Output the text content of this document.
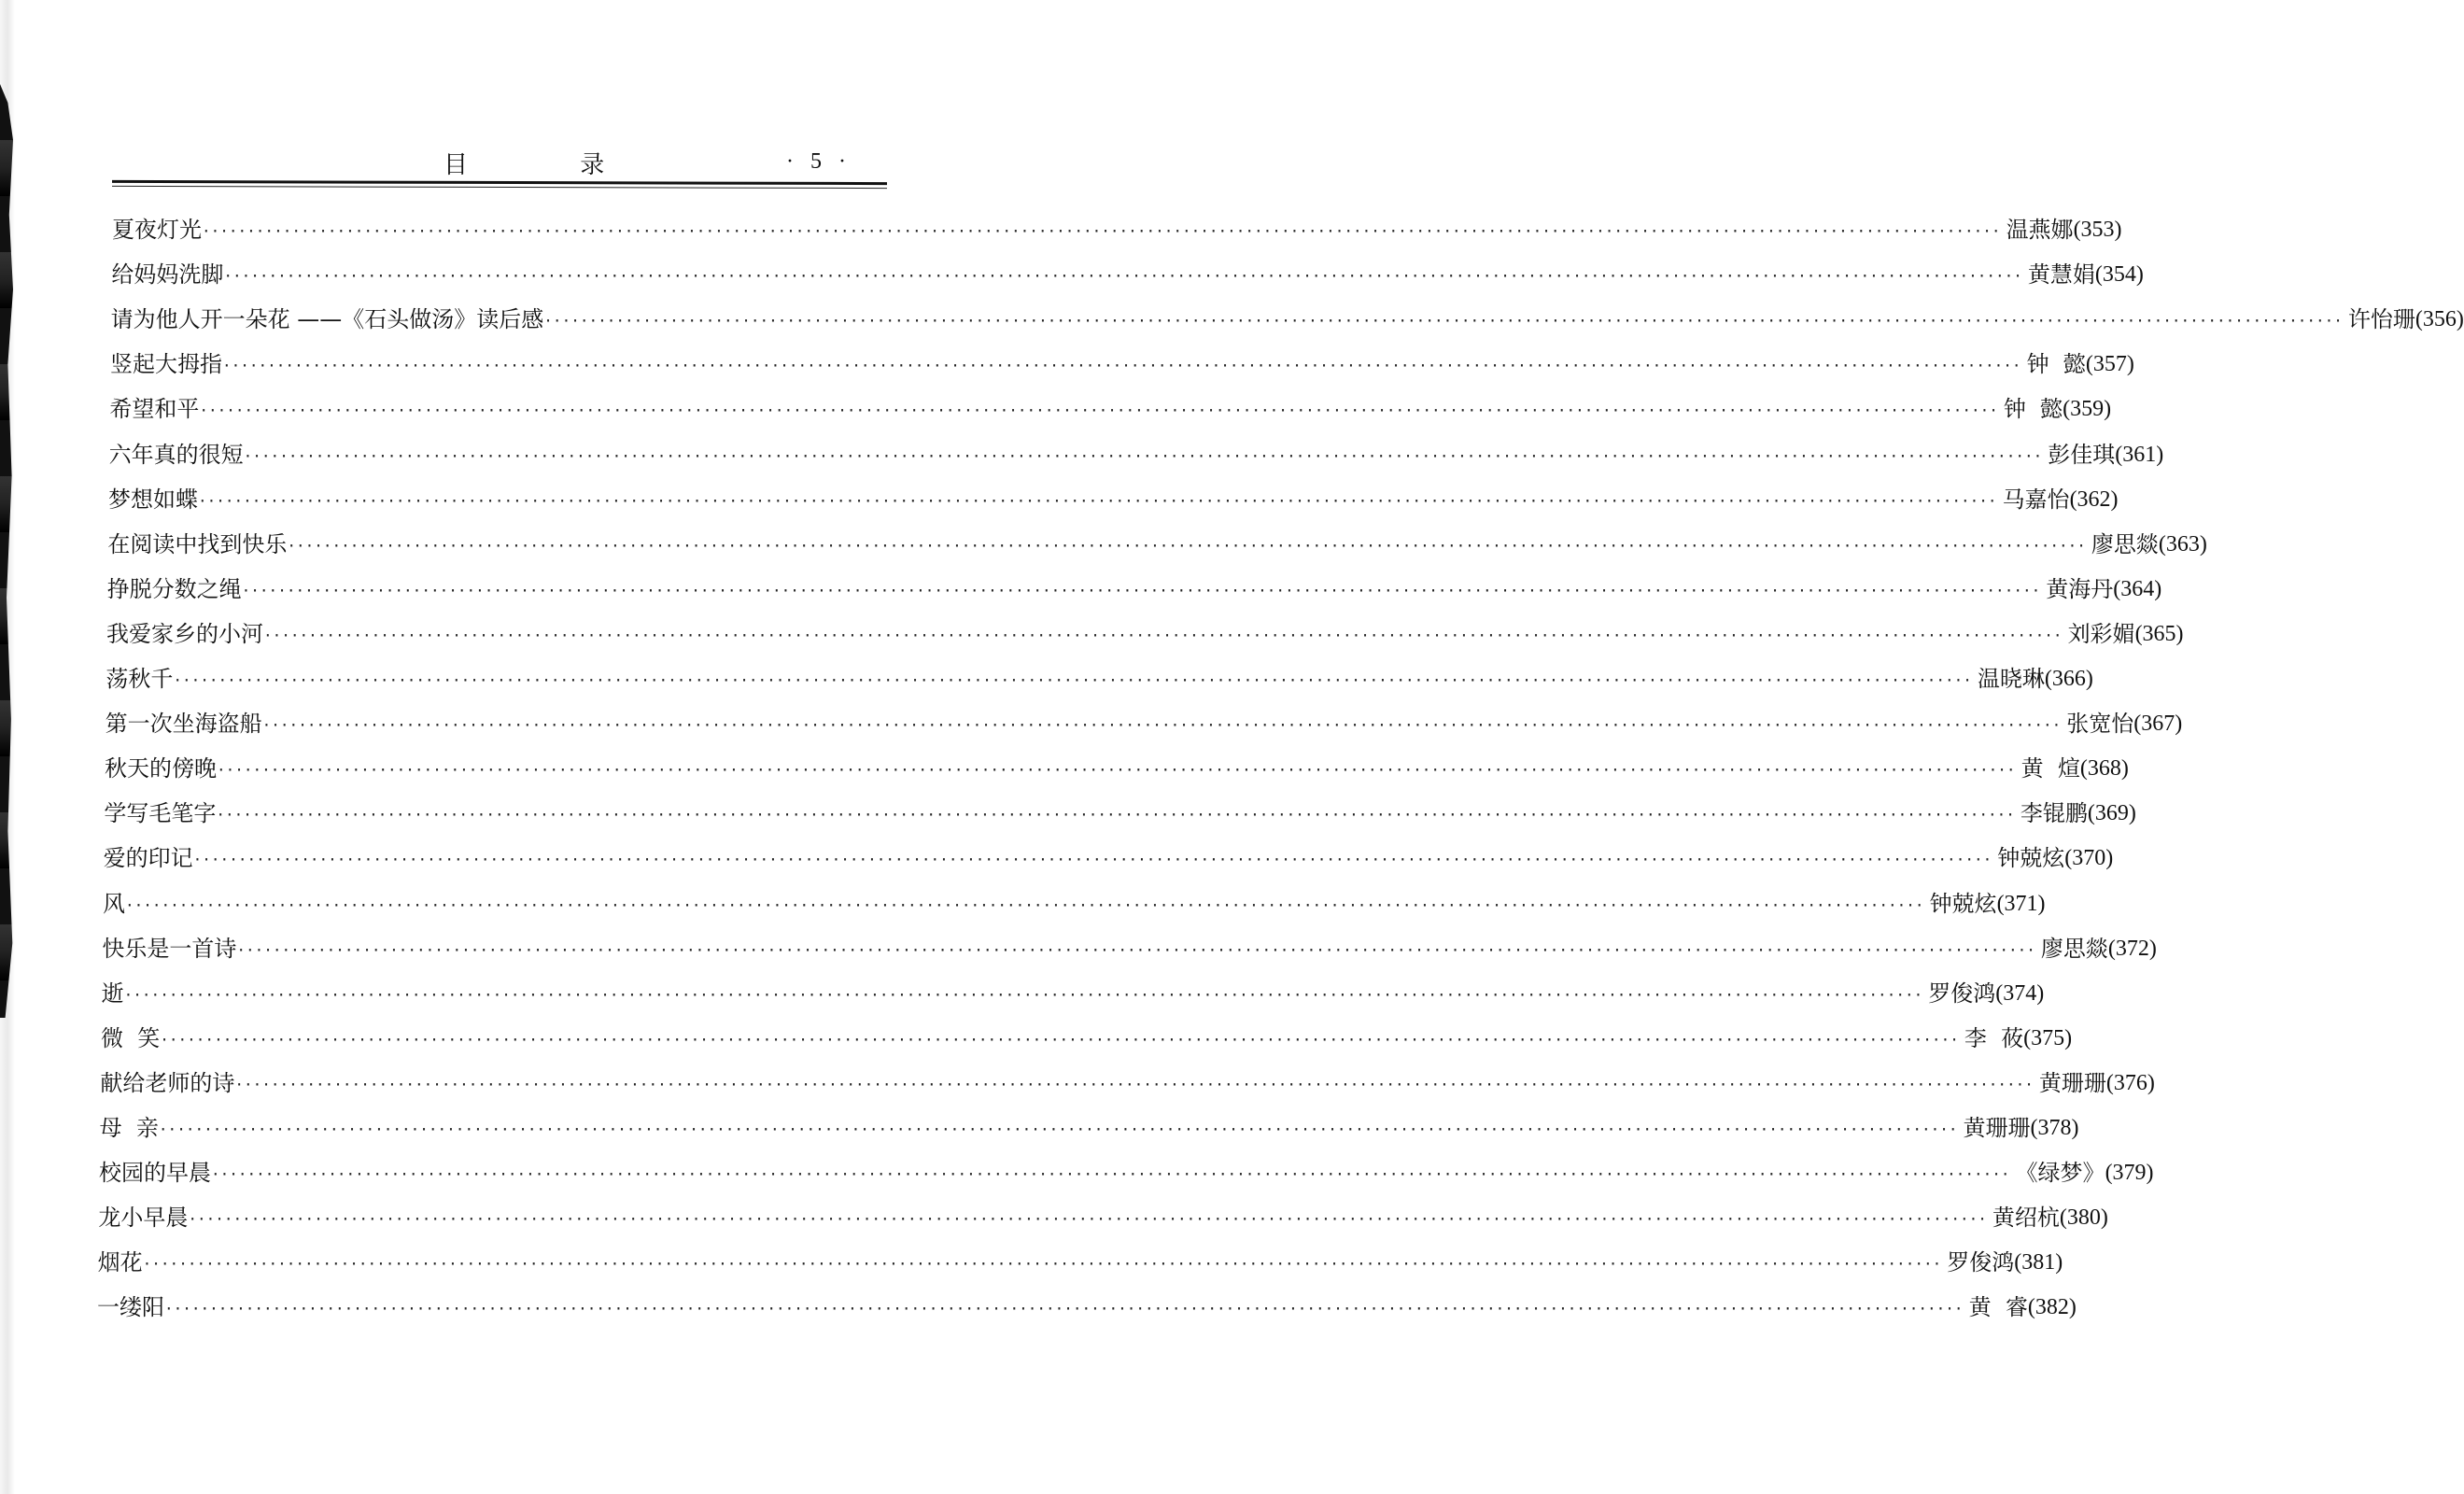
目 录	· 5 ·
夏夜灯光 ········································································································································································································ 温燕娜 (353)
给妈妈洗脚 ········································································································································································································ 黄慧娟 (354)
请为他人开一朵花 ——《石头做汤》读后感 ········································································································································································································ 许怡珊 (356)
竖起大拇指 ········································································································································································································ 钟  懿 (357)
希望和平 ········································································································································································································ 钟  懿 (359)
六年真的很短 ········································································································································································································ 彭佳琪 (361)
梦想如蝶 ········································································································································································································ 马嘉怡 (362)
在阅读中找到快乐 ········································································································································································································ 廖思燚 (363)
挣脱分数之绳 ········································································································································································································ 黄海丹 (364)
我爱家乡的小河 ········································································································································································································ 刘彩媚 (365)
荡秋千 ········································································································································································································ 温晓琳 (366)
第一次坐海盗船 ········································································································································································································ 张宽怡 (367)
秋天的傍晚 ········································································································································································································ 黄  煊 (368)
学写毛笔字 ········································································································································································································ 李锟鹏 (369)
爱的印记 ········································································································································································································ 钟兢炫 (370)
风 ········································································································································································································ 钟兢炫 (371)
快乐是一首诗 ········································································································································································································ 廖思燚 (372)
逝 ········································································································································································································ 罗俊鸿 (374)
微  笑 ········································································································································································································ 李  莜 (375)
献给老师的诗 ········································································································································································································ 黄珊珊 (376)
母  亲 ········································································································································································································ 黄珊珊 (378)
校园的早晨 ········································································································································································································ 《绿梦》 (379)
龙小早晨 ········································································································································································································ 黄绍杭 (380)
烟花 ········································································································································································································ 罗俊鸿 (381)
一缕阳 ········································································································································································································ 黄  睿 (382)
